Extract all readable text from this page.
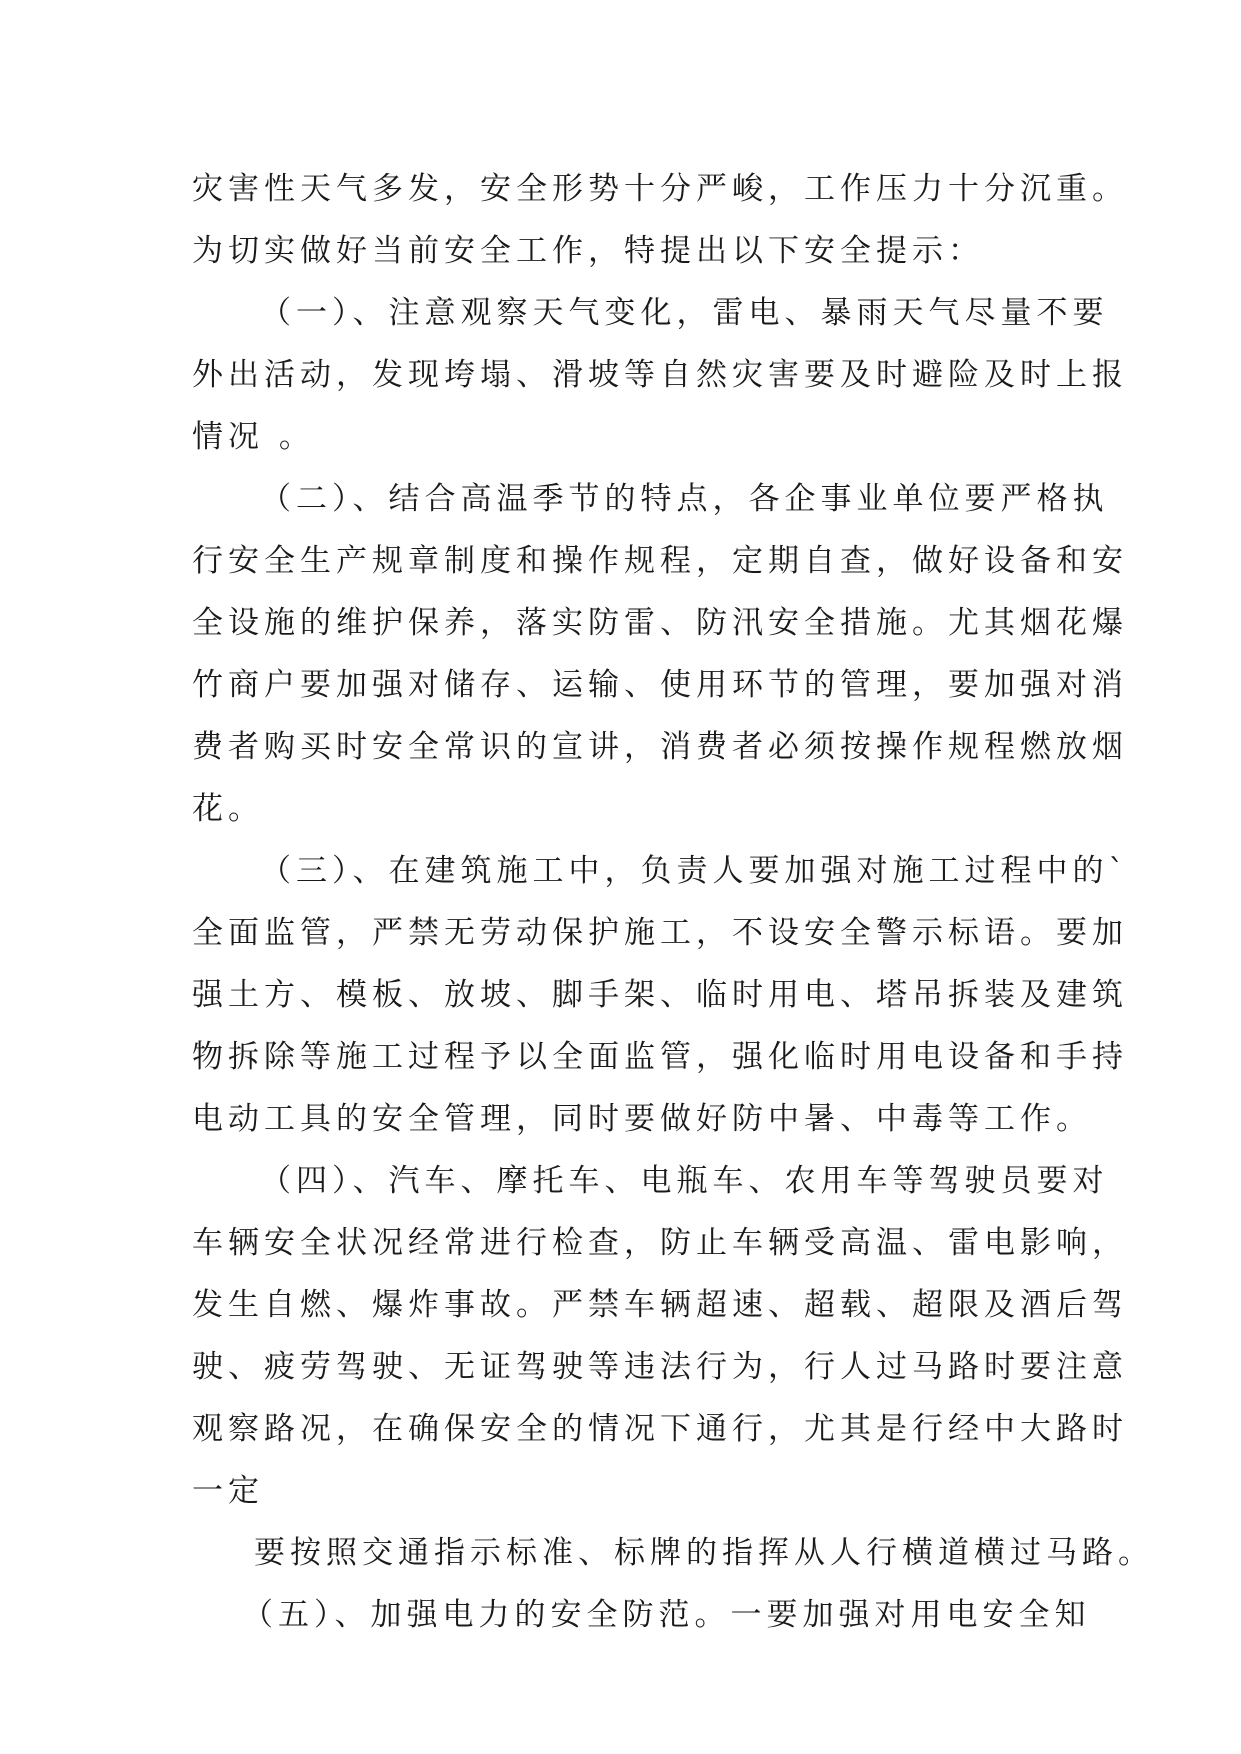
灾害性天气多发，安全形势十分严峻，工作压力十分沉重。
为切实做好当前安全工作，特提出以下安全提示：
（一）、注意观察天气变化，雷电、暴雨天气尽量不要
外出活动，发现垮塌、滑坡等自然灾害要及时避险及时上报
情况 。
（二）、结合高温季节的特点，各企事业单位要严格执
行安全生产规章制度和操作规程，定期自查，做好设备和安
全设施的维护保养，落实防雷、防汛安全措施。尤其烟花爆
竹商户要加强对储存、运输、使用环节的管理，要加强对消
费者购买时安全常识的宣讲，消费者必须按操作规程燃放烟
花。
（三）、在建筑施工中，负责人要加强对施工过程中的`
全面监管，严禁无劳动保护施工，不设安全警示标语。要加
强土方、模板、放坡、脚手架、临时用电、塔吊拆装及建筑
物拆除等施工过程予以全面监管，强化临时用电设备和手持
电动工具的安全管理，同时要做好防中暑、中毒等工作。
（四）、汽车、摩托车、电瓶车、农用车等驾驶员要对
车辆安全状况经常进行检查，防止车辆受高温、雷电影响，
发生自燃、爆炸事故。严禁车辆超速、超载、超限及酒后驾
驶、疲劳驾驶、无证驾驶等违法行为，行人过马路时要注意
观察路况，在确保安全的情况下通行，尤其是行经中大路时
一定
要按照交通指示标准、标牌的指挥从人行横道横过马路。
（五）、加强电力的安全防范。一要加强对用电安全知
